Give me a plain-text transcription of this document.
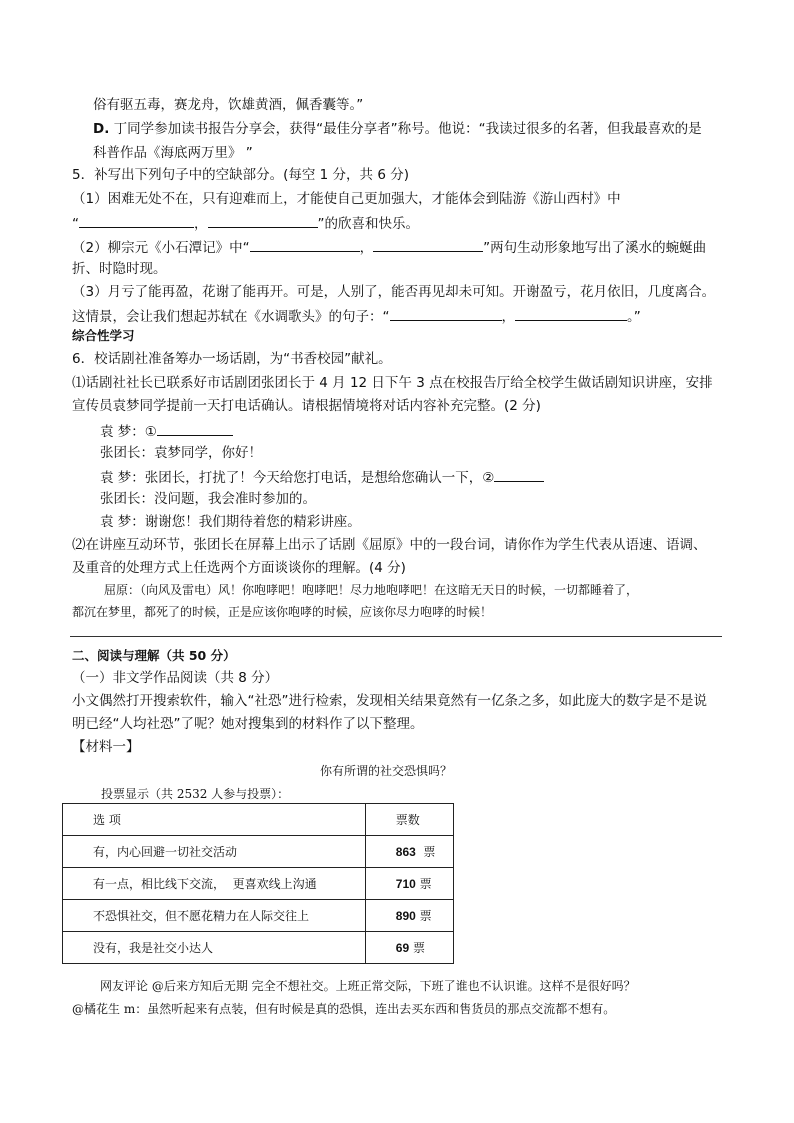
俗有驱五毒，赛龙舟，饮雄黄酒，佩香囊等。”
D. 丁同学参加读书报告分享会，获得“最佳分享者”称号。他说：“我读过很多的名著，但我最喜欢的是
科普作品《海底两万里》 ”
5．补写出下列句子中的空缺部分。(每空 1 分，共 6 分)
（1）困难无处不在，只有迎难而上，才能使自己更加强大，才能体会到陆游《游山西村》中
“	，	”的欣喜和快乐。
（2）柳宗元《小石潭记》中“	，	”两句生动形象地写出了溪水的蜿蜒曲
折、时隐时现。
（3）月亏了能再盈，花谢了能再开。可是，人别了，能否再见却未可知。开谢盈亏，花月依旧，几度离合。
这情景，会让我们想起苏轼在《水调歌头》的句子：“	，	。”
综合性学习
6．校话剧社准备筹办一场话剧，为“书香校园”献礼。
⑴话剧社社长已联系好市话剧团张团长于 4 月 12 日下午 3 点在校报告厅给全校学生做话剧知识讲座，安排
宣传员袁梦同学提前一天打电话确认。请根据情境将对话内容补充完整。(2 分)
袁 梦：①
张团长：袁梦同学，你好！
袁 梦：张团长，打扰了！今天给您打电话，是想给您确认一下，②
张团长：没问题，我会准时参加的。
袁 梦：谢谢您！我们期待着您的精彩讲座。
⑵在讲座互动环节，张团长在屏幕上出示了话剧《屈原》中的一段台词，请你作为学生代表从语速、语调、
及重音的处理方式上任选两个方面谈谈你的理解。(4 分)
屈原：（向风及雷电）风！你咆哮吧！咆哮吧！尽力地咆哮吧！在这暗无天日的时候，一切都睡着了，
都沉在梦里，都死了的时候，正是应该你咆哮的时候，应该你尽力咆哮的时候！
二、阅读与理解（共 50 分）
（一）非文学作品阅读（共 8 分）
小文偶然打开搜索软件，输入“社恐”进行检索，发现相关结果竟然有一亿条之多，如此庞大的数字是不是说
明已经“人均社恐”了呢？她对搜集到的材料作了以下整理。
【材料一】
你有所谓的社交恐惧吗？
投票显示（共 2532 人参与投票）：
选 项	票数
有，内心回避一切社交活动	863  票
有一点，相比线下交流，  更喜欢线上沟通	710 票
不恐惧社交，但不愿花精力在人际交往上	890 票
没有，我是社交小达人	69 票
网友评论 @后来方知后无期 完全不想社交。上班正常交际，下班了谁也不认识谁。这样不是很好吗？
@橘花生 m：虽然听起来有点装，但有时候是真的恐惧，连出去买东西和售货员的那点交流都不想有。
